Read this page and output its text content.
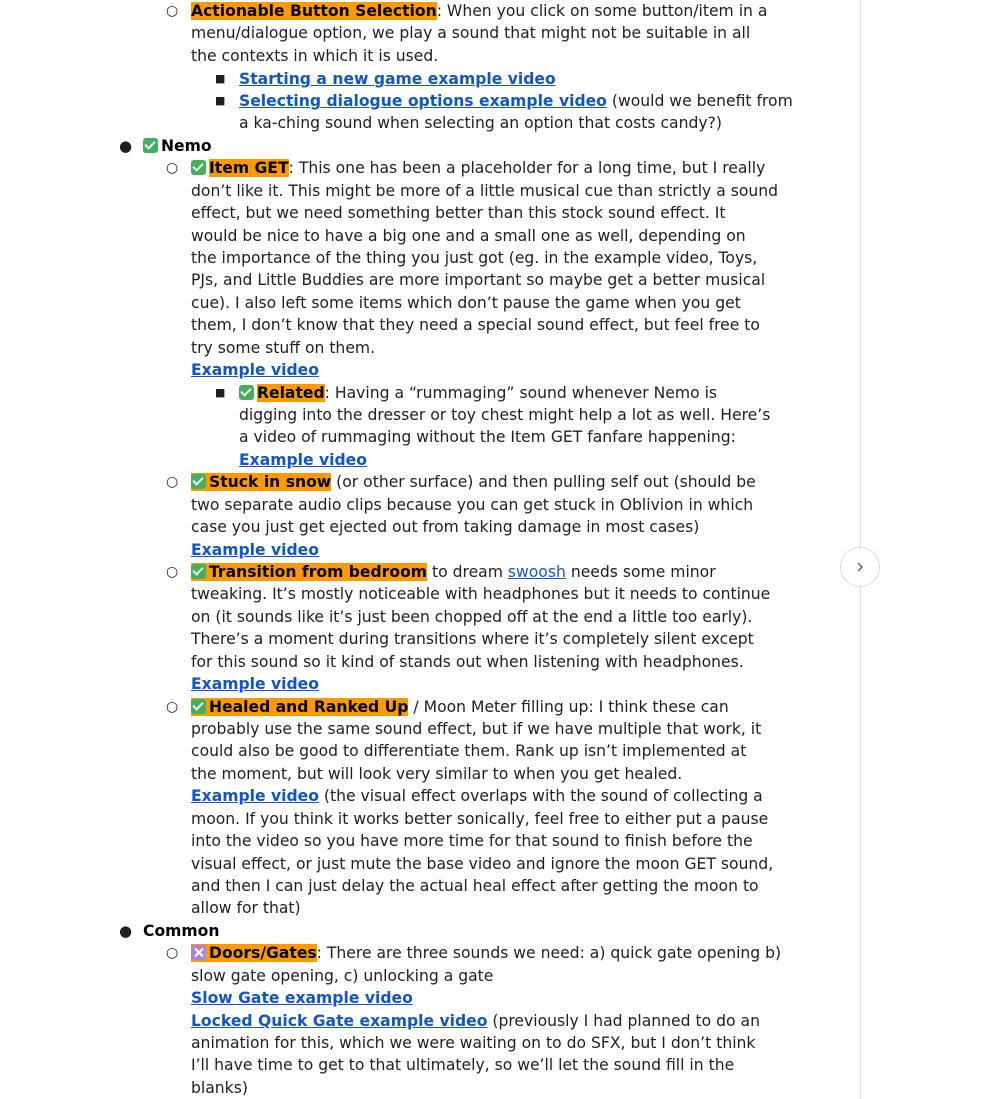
○ Actionable Button Selection: When you click on some button/item in a
menu/dialogue option, we play a sound that might not be suitable in all
the contexts in which it is used.
■ Starting a new game example video
■ Selecting dialogue options example video (would we benefit from
a ka-ching sound when selecting an option that costs candy?)
●	Nemo
○	Item GET: This one has been a placeholder for a long time, but I really
don’t like it. This might be more of a little musical cue than strictly a sound
effect, but we need something better than this stock sound effect. It
would be nice to have a big one and a small one as well, depending on
the importance of the thing you just got (eg. in the example video, Toys,
PJs, and Little Buddies are more important so maybe get a better musical
cue). I also left some items which don’t pause the game when you get
them, I don’t know that they need a special sound effect, but feel free to
try some stuff on them.
Example video
■	Related: Having a “rummaging” sound whenever Nemo is
digging into the dresser or toy chest might help a lot as well. Here’s
a video of rummaging without the Item GET fanfare happening:
Example video
○	Stuck in snow (or other surface) and then pulling self out (should be
two separate audio clips because you can get stuck in Oblivion in which
case you just get ejected out from taking damage in most cases)
Example video
○	Transition from bedroom to dream swoosh needs some minor
tweaking. It’s mostly noticeable with headphones but it needs to continue
on (it sounds like it’s just been chopped off at the end a little too early).
There’s a moment during transitions where it’s completely silent except
for this sound so it kind of stands out when listening with headphones.
Example video
○	Healed and Ranked Up / Moon Meter filling up: I think these can
probably use the same sound effect, but if we have multiple that work, it
could also be good to differentiate them. Rank up isn’t implemented at
the moment, but will look very similar to when you get healed.
Example video (the visual effect overlaps with the sound of collecting a
moon. If you think it works better sonically, feel free to either put a pause
into the video so you have more time for that sound to finish before the
visual effect, or just mute the base video and ignore the moon GET sound,
and then I can just delay the actual heal effect after getting the moon to
allow for that)
● Common
○	Doors/Gates: There are three sounds we need: a) quick gate opening b)
slow gate opening, c) unlocking a gate
Slow Gate example video
Locked Quick Gate example video (previously I had planned to do an
animation for this, which we were waiting on to do SFX, but I don’t think
I’ll have time to get to that ultimately, so we’ll let the sound fill in the
blanks)
